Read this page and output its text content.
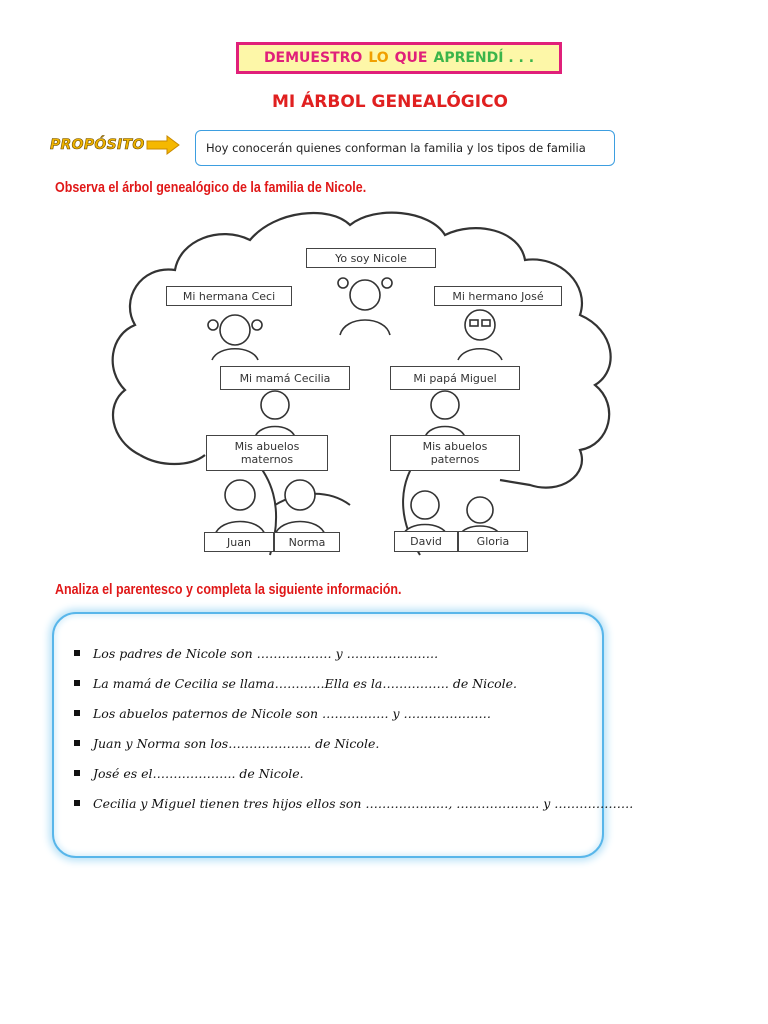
DEMUESTRO LO QUE APRENDÍ . . .
MI ÁRBOL GENEALÓGICO
PROPÓSITO	Hoy conocerán quienes conforman la familia y los tipos de familia
Observa el árbol genealógico de la familia de Nicole.
Yo soy Nicole
Mi hermana Ceci	Mi hermano José
Mi mamá Cecilia	Mi papá Miguel
Mis abuelos maternos
Mis abuelos paternos
Juan	Norma	David	Gloria
Analiza el parentesco y completa la siguiente información.
Los padres de Nicole son ……………… y ………………….
La mamá de Cecilia se llama…………Ella es la……………. de Nicole.
Los abuelos paternos de Nicole son ……………. y …………………
Juan y Norma son los……………….. de Nicole.
José es el……………….. de Nicole.
Cecilia y Miguel tienen tres hijos ellos son ……………..…, ……………….. y ……………….
